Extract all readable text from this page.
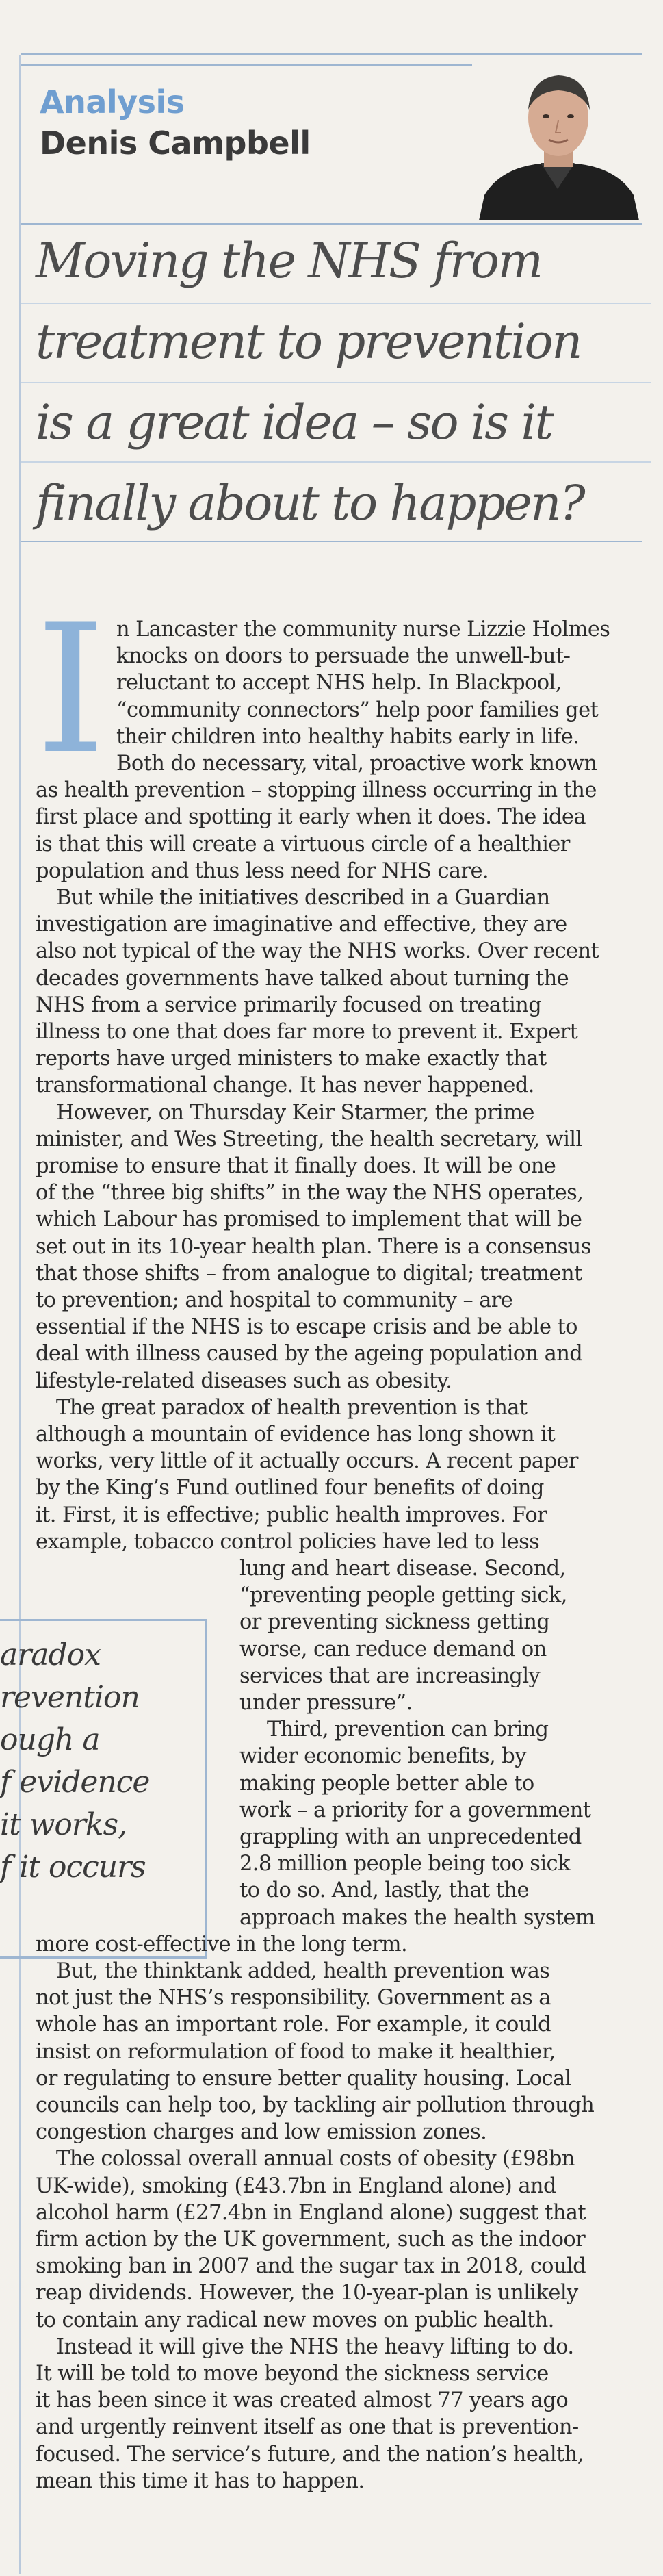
Analysis
Denis Campbell
Moving the NHS from
treatment to prevention
is a great idea – so is it
finally about to happen?
I
aradox
revention
ough a
f evidence
it works,
f it occurs
n Lancaster the community nurse Lizzie Holmes
knocks on doors to persuade the unwell-but-
reluctant to accept NHS help. In Blackpool,
“community connectors” help poor families get
their children into healthy habits early in life.
Both do necessary, vital, proactive work known
as health prevention – stopping illness occurring in the
first place and spotting it early when it does. The idea
is that this will create a virtuous circle of a healthier
population and thus less need for NHS care.
But while the initiatives described in a Guardian
investigation are imaginative and effective, they are
also not typical of the way the NHS works. Over recent
decades governments have talked about turning the
NHS from a service primarily focused on treating
illness to one that does far more to prevent it. Expert
reports have urged ministers to make exactly that
transformational change. It has never happened.
However, on Thursday Keir Starmer, the prime
minister, and Wes Streeting, the health secretary, will
promise to ensure that it finally does. It will be one
of the “three big shifts” in the way the NHS operates,
which Labour has promised to implement that will be
set out in its 10-year health plan. There is a consensus
that those shifts – from analogue to digital; treatment
to prevention; and hospital to community – are
essential if the NHS is to escape crisis and be able to
deal with illness caused by the ageing population and
lifestyle-related diseases such as obesity.
The great paradox of health prevention is that
although a mountain of evidence has long shown it
works, very little of it actually occurs. A recent paper
by the King’s Fund outlined four benefits of doing
it. First, it is effective; public health improves. For
example, tobacco control policies have led to less
lung and heart disease. Second,
“preventing people getting sick,
or preventing sickness getting
worse, can reduce demand on
services that are increasingly
under pressure”.
Third, prevention can bring
wider economic benefits, by
making people better able to
work – a priority for a government
grappling with an unprecedented
2.8 million people being too sick
to do so. And, lastly, that the
approach makes the health system
more cost-effective in the long term.
But, the thinktank added, health prevention was
not just the NHS’s responsibility. Government as a
whole has an important role. For example, it could
insist on reformulation of food to make it healthier,
or regulating to ensure better quality housing. Local
councils can help too, by tackling air pollution through
congestion charges and low emission zones.
The colossal overall annual costs of obesity (£98bn
UK-wide), smoking (£43.7bn in England alone) and
alcohol harm (£27.4bn in England alone) suggest that
firm action by the UK government, such as the indoor
smoking ban in 2007 and the sugar tax in 2018, could
reap dividends. However, the 10-year-plan is unlikely
to contain any radical new moves on public health.
Instead it will give the NHS the heavy lifting to do.
It will be told to move beyond the sickness service
it has been since it was created almost 77 years ago
and urgently reinvent itself as one that is prevention-
focused. The service’s future, and the nation’s health,
mean this time it has to happen.
